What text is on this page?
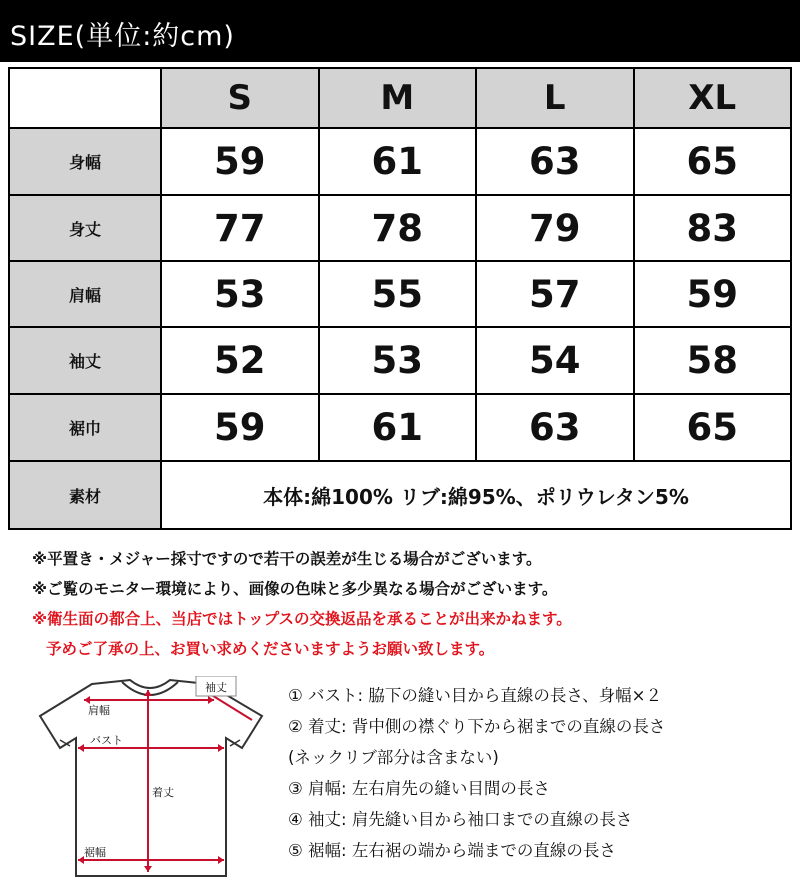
SIZE(単位:約cm)
	S	M	L	XL
身幅	59	61	63	65
身丈	77	78	79	83
肩幅	53	55	57	59
袖丈	52	53	54	58
裾巾	59	61	63	65
素材	本体:綿100% リブ:綿95%、ポリウレタン5%			
※平置き・メジャー採寸ですので若干の誤差が生じる場合がございます。
※ご覧のモニター環境により、画像の色味と多少異なる場合がございます。
※衛生面の都合上、当店ではトップスの交換返品を承ることが出来かねます。
予めご了承の上、お買い求めくださいますようお願い致します。
袖丈
肩幅
バスト
着丈
裾幅
① バスト: 脇下の縫い目から直線の長さ、身幅×２
② 着丈: 背中側の襟ぐり下から裾までの直線の長さ
(ネックリブ部分は含まない)
③ 肩幅: 左右肩先の縫い目間の長さ
④ 袖丈: 肩先縫い目から袖口までの直線の長さ
⑤ 裾幅: 左右裾の端から端までの直線の長さ
